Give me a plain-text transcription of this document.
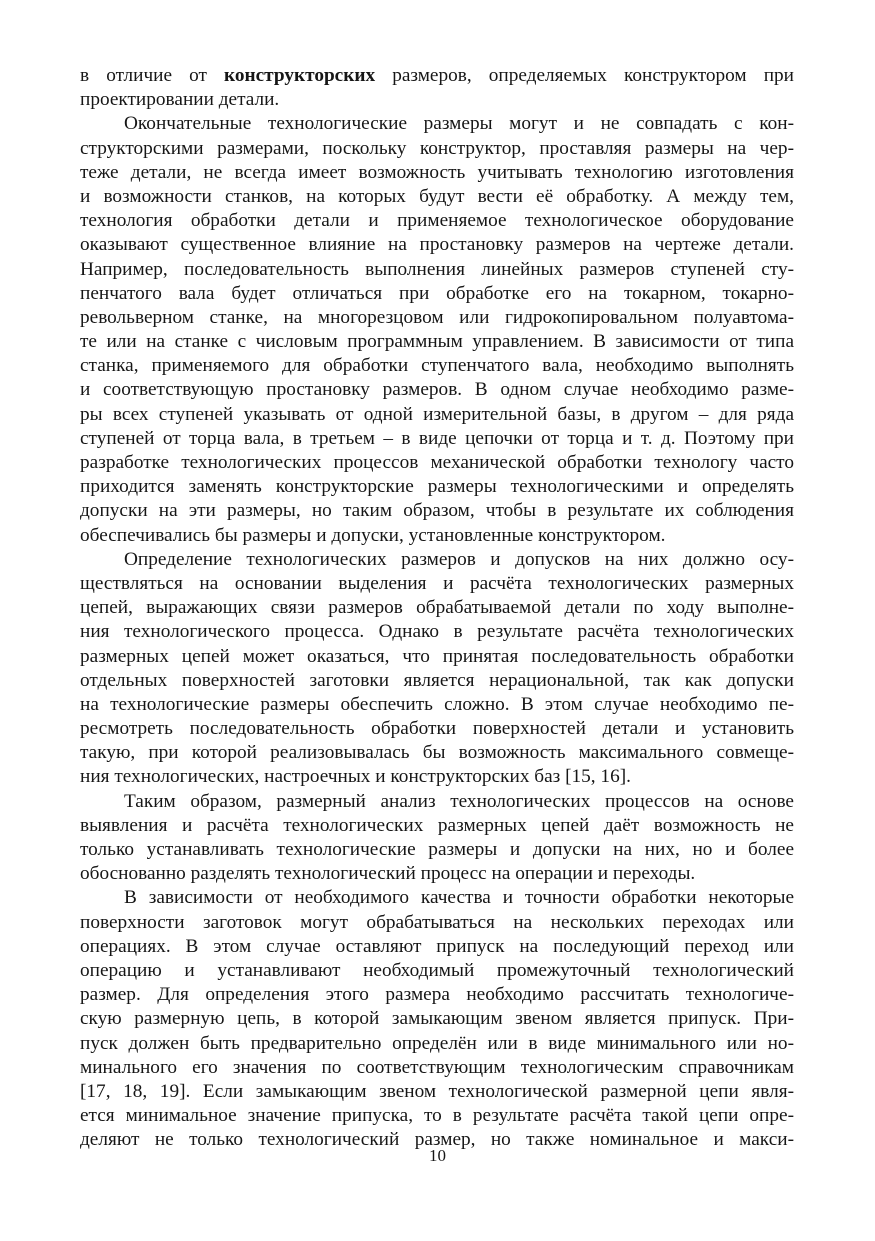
в отличие от конструкторских размеров, определяемых конструктором при
проектировании детали.
Окончательные технологические размеры могут и не совпадать с кон-
структорскими размерами, поскольку конструктор, проставляя размеры на чер-
теже детали, не всегда имеет возможность учитывать технологию изготовления
и возможности станков, на которых будут вести её обработку. А между тем,
технология обработки детали и применяемое технологическое оборудование
оказывают существенное влияние на простановку размеров на чертеже детали.
Например, последовательность выполнения линейных размеров ступеней сту-
пенчатого вала будет отличаться при обработке его на токарном, токарно-
револьверном станке, на многорезцовом или гидрокопировальном полуавтома-
те или на станке с числовым программным управлением. В зависимости от типа
станка, применяемого для обработки ступенчатого вала, необходимо выполнять
и соответствующую простановку размеров. В одном случае необходимо разме-
ры всех ступеней указывать от одной измерительной базы, в другом – для ряда
ступеней от торца вала, в третьем – в виде цепочки от торца и т. д. Поэтому при
разработке технологических процессов механической обработки технологу часто
приходится заменять конструкторские размеры технологическими и определять
допуски на эти размеры, но таким образом, чтобы в результате их соблюдения
обеспечивались бы размеры и допуски, установленные конструктором.
Определение технологических размеров и допусков на них должно осу-
ществляться на основании выделения и расчёта технологических размерных
цепей, выражающих связи размеров обрабатываемой детали по ходу выполне-
ния технологического процесса. Однако в результате расчёта технологических
размерных цепей может оказаться, что принятая последовательность обработки
отдельных поверхностей заготовки является нерациональной, так как допуски
на технологические размеры обеспечить сложно. В этом случае необходимо пе-
ресмотреть последовательность обработки поверхностей детали и установить
такую, при которой реализовывалась бы возможность максимального совмеще-
ния технологических, настроечных и конструкторских баз [15, 16].
Таким образом, размерный анализ технологических процессов на основе
выявления и расчёта технологических размерных цепей даёт возможность не
только устанавливать технологические размеры и допуски на них, но и более
обоснованно разделять технологический процесс на операции и переходы.
В зависимости от необходимого качества и точности обработки некоторые
поверхности заготовок могут обрабатываться на нескольких переходах или
операциях. В этом случае оставляют припуск на последующий переход или
операцию и устанавливают необходимый промежуточный технологический
размер. Для определения этого размера необходимо рассчитать технологиче-
скую размерную цепь, в которой замыкающим звеном является припуск. При-
пуск должен быть предварительно определён или в виде минимального или но-
минального его значения по соответствующим технологическим справочникам
[17, 18, 19]. Если замыкающим звеном технологической размерной цепи явля-
ется минимальное значение припуска, то в результате расчёта такой цепи опре-
деляют не только технологический размер, но также номинальное и макси-
10
